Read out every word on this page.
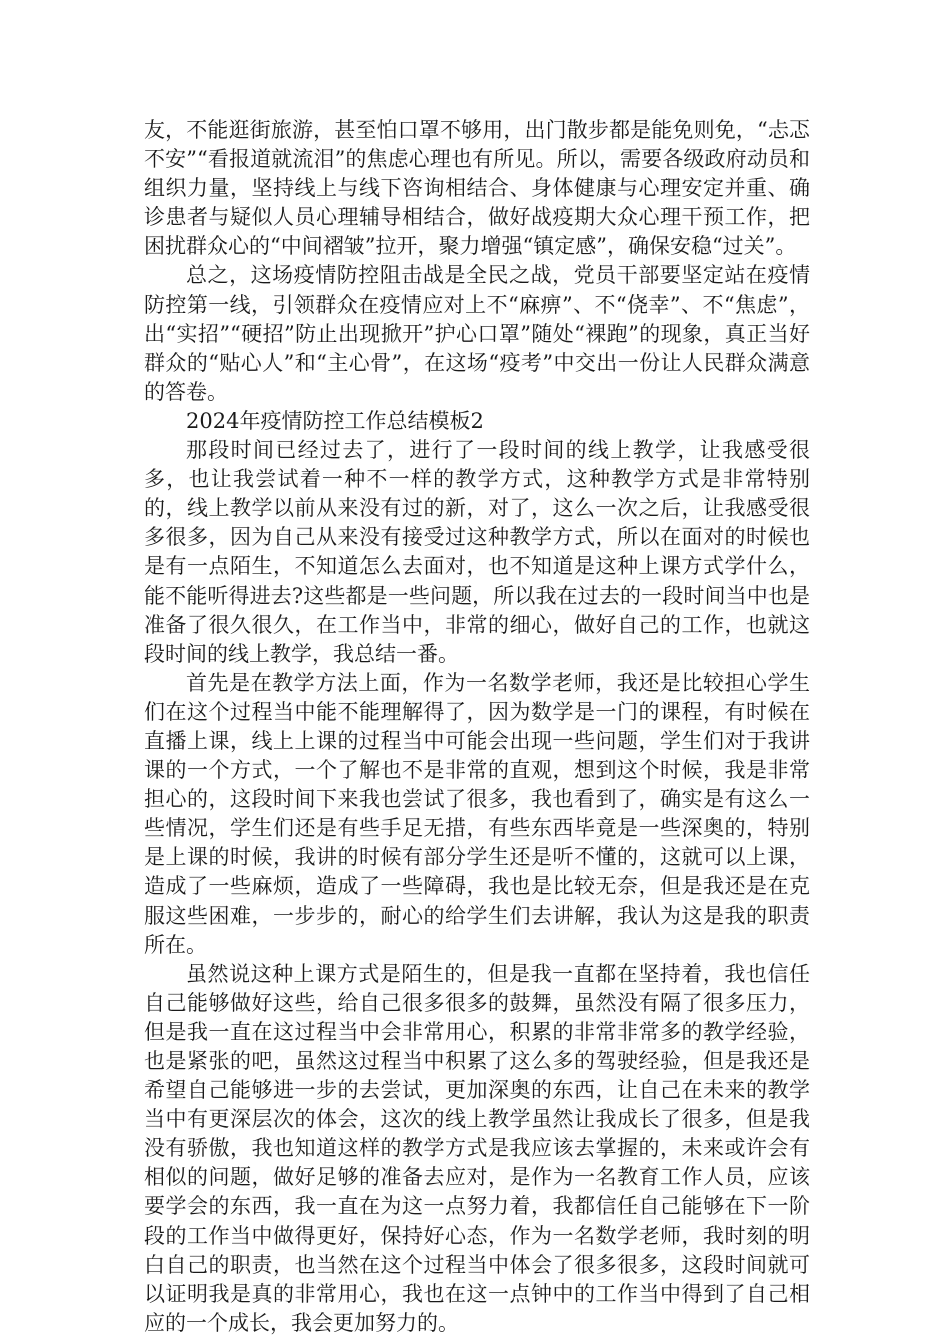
友，不能逛街旅游，甚至怕口罩不够用，出门散步都是能免则免，“忐忑不安”“看报道就流泪”的焦虑心理也有所见。所以，需要各级政府动员和组织力量，坚持线上与线下咨询相结合、身体健康与心理安定并重、确诊患者与疑似人员心理辅导相结合，做好战疫期大众心理干预工作，把困扰群众心的“中间褶皱”拉开，聚力增强“镇定感”，确保安稳“过关”。

总之，这场疫情防控阻击战是全民之战，党员干部要坚定站在疫情防控第一线，引领群众在疫情应对上不“麻痹”、不“侥幸”、不“焦虑”，出“实招”“硬招”防止出现掀开”护心口罩”随处“裸跑”的现象，真正当好群众的“贴心人”和“主心骨”，在这场“疫考”中交出一份让人民群众满意的答卷。

2024年疫情防控工作总结模板2

那段时间已经过去了，进行了一段时间的线上教学，让我感受很多，也让我尝试着一种不一样的教学方式，这种教学方式是非常特别的，线上教学以前从来没有过的新，对了，这么一次之后，让我感受很多很多，因为自己从来没有接受过这种教学方式，所以在面对的时候也是有一点陌生，不知道怎么去面对，也不知道是这种上课方式学什么，能不能听得进去?这些都是一些问题，所以我在过去的一段时间当中也是准备了很久很久，在工作当中，非常的细心，做好自己的工作，也就这段时间的线上教学，我总结一番。

首先是在教学方法上面，作为一名数学老师，我还是比较担心学生们在这个过程当中能不能理解得了，因为数学是一门的课程，有时候在直播上课，线上上课的过程当中可能会出现一些问题，学生们对于我讲课的一个方式，一个了解也不是非常的直观，想到这个时候，我是非常担心的，这段时间下来我也尝试了很多，我也看到了，确实是有这么一些情况，学生们还是有些手足无措，有些东西毕竟是一些深奥的，特别是上课的时候，我讲的时候有部分学生还是听不懂的，这就可以上课，造成了一些麻烦，造成了一些障碍，我也是比较无奈，但是我还是在克服这些困难，一步步的，耐心的给学生们去讲解，我认为这是我的职责所在。

虽然说这种上课方式是陌生的，但是我一直都在坚持着，我也信任自己能够做好这些，给自己很多很多的鼓舞，虽然没有隔了很多压力，但是我一直在这过程当中会非常用心，积累的非常非常多的教学经验，也是紧张的吧，虽然这过程当中积累了这么多的驾驶经验，但是我还是希望自己能够进一步的去尝试，更加深奥的东西，让自己在未来的教学当中有更深层次的体会，这次的线上教学虽然让我成长了很多，但是我没有骄傲，我也知道这样的教学方式是我应该去掌握的，未来或许会有相似的问题，做好足够的准备去应对，是作为一名教育工作人员，应该要学会的东西，我一直在为这一点努力着，我都信任自己能够在下一阶段的工作当中做得更好，保持好心态，作为一名数学老师，我时刻的明白自己的职责，也当然在这个过程当中体会了很多很多，这段时间就可以证明我是真的非常用心，我也在这一点钟中的工作当中得到了自己相应的一个成长，我会更加努力的。
